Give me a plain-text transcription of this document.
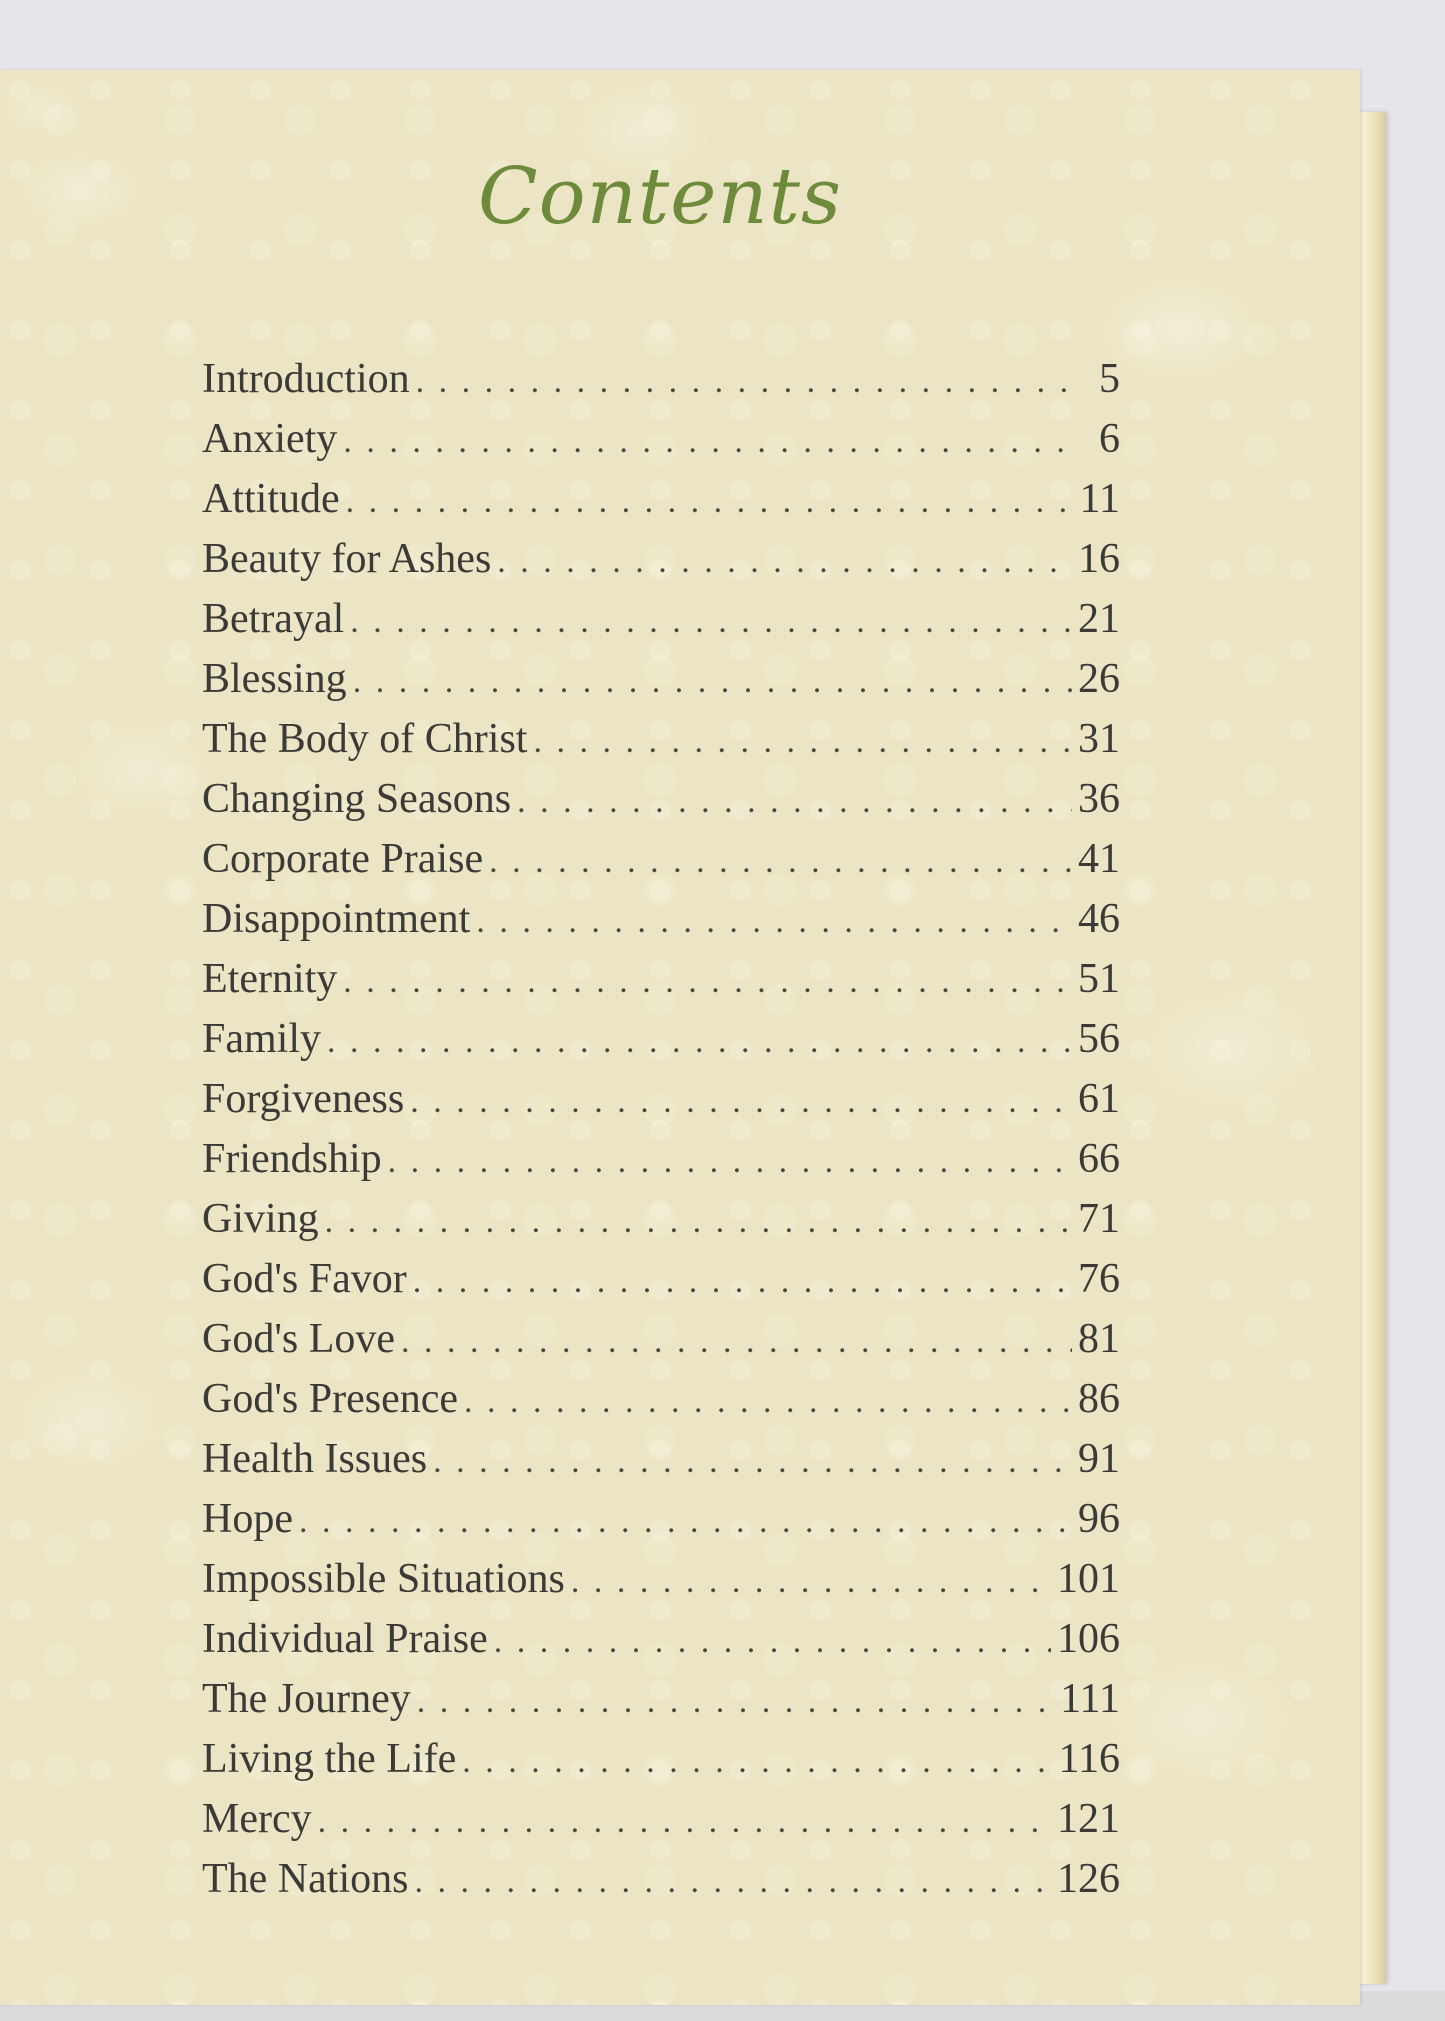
Contents
Introduction . . .	5
Anxiety . . .	6
Attitude . . .	11
Beauty for Ashes . . .	16
Betrayal . . .	21
Blessing . . .	26
The Body of Christ . . .	31
Changing Seasons . . .	36
Corporate Praise . . .	41
Disappointment . . .	46
Eternity . . .	51
Family . . .	56
Forgiveness . . .	61
Friendship . . .	66
Giving . . .	71
God's Favor . . .	76
God's Love . . .	81
God's Presence . . .	86
Health Issues . . .	91
Hope . . .	96
Impossible Situations . . .	101
Individual Praise . . .	106
The Journey . . .	111
Living the Life . . .	116
Mercy . . .	121
The Nations . . .	126
